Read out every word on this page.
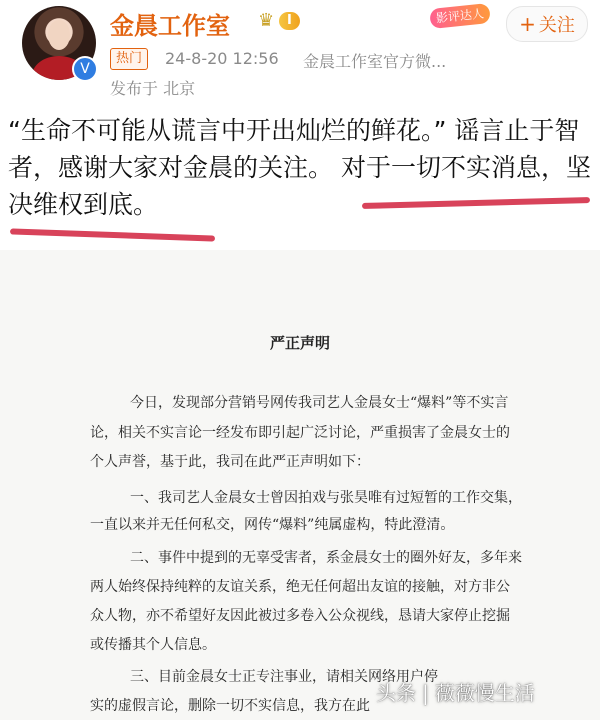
V
金晨工作室 ♛ I
热门	24-8-20 12:56 金晨工作室官方微...
发布于 北京
影评达人	+ 关注
“生命不可能从谎言中开出灿烂的鲜花。” 谣言止于智者，感谢大家对金晨的关注。 对于一切不实消息，坚决维权到底。
严正声明
今日，发现部分营销号网传我司艺人金晨女士“爆料”等不实言
论，相关不实言论一经发布即引起广泛讨论，严重损害了金晨女士的
个人声誉，基于此，我司在此严正声明如下：
一、我司艺人金晨女士曾因拍戏与张昊唯有过短暂的工作交集，
一直以来并无任何私交，网传“爆料”纯属虚构，特此澄清。
二、事件中提到的无辜受害者，系金晨女士的圈外好友，多年来
两人始终保持纯粹的友谊关系，绝无任何超出友谊的接触，对方非公
众人物，亦不希望好友因此被过多卷入公众视线，恳请大家停止挖掘
或传播其个人信息。
三、目前金晨女士正专注事业，请相关网络用户停
实的虚假言论，删除一切不实信息，我方在此
头条 | 薇薇慢生活
